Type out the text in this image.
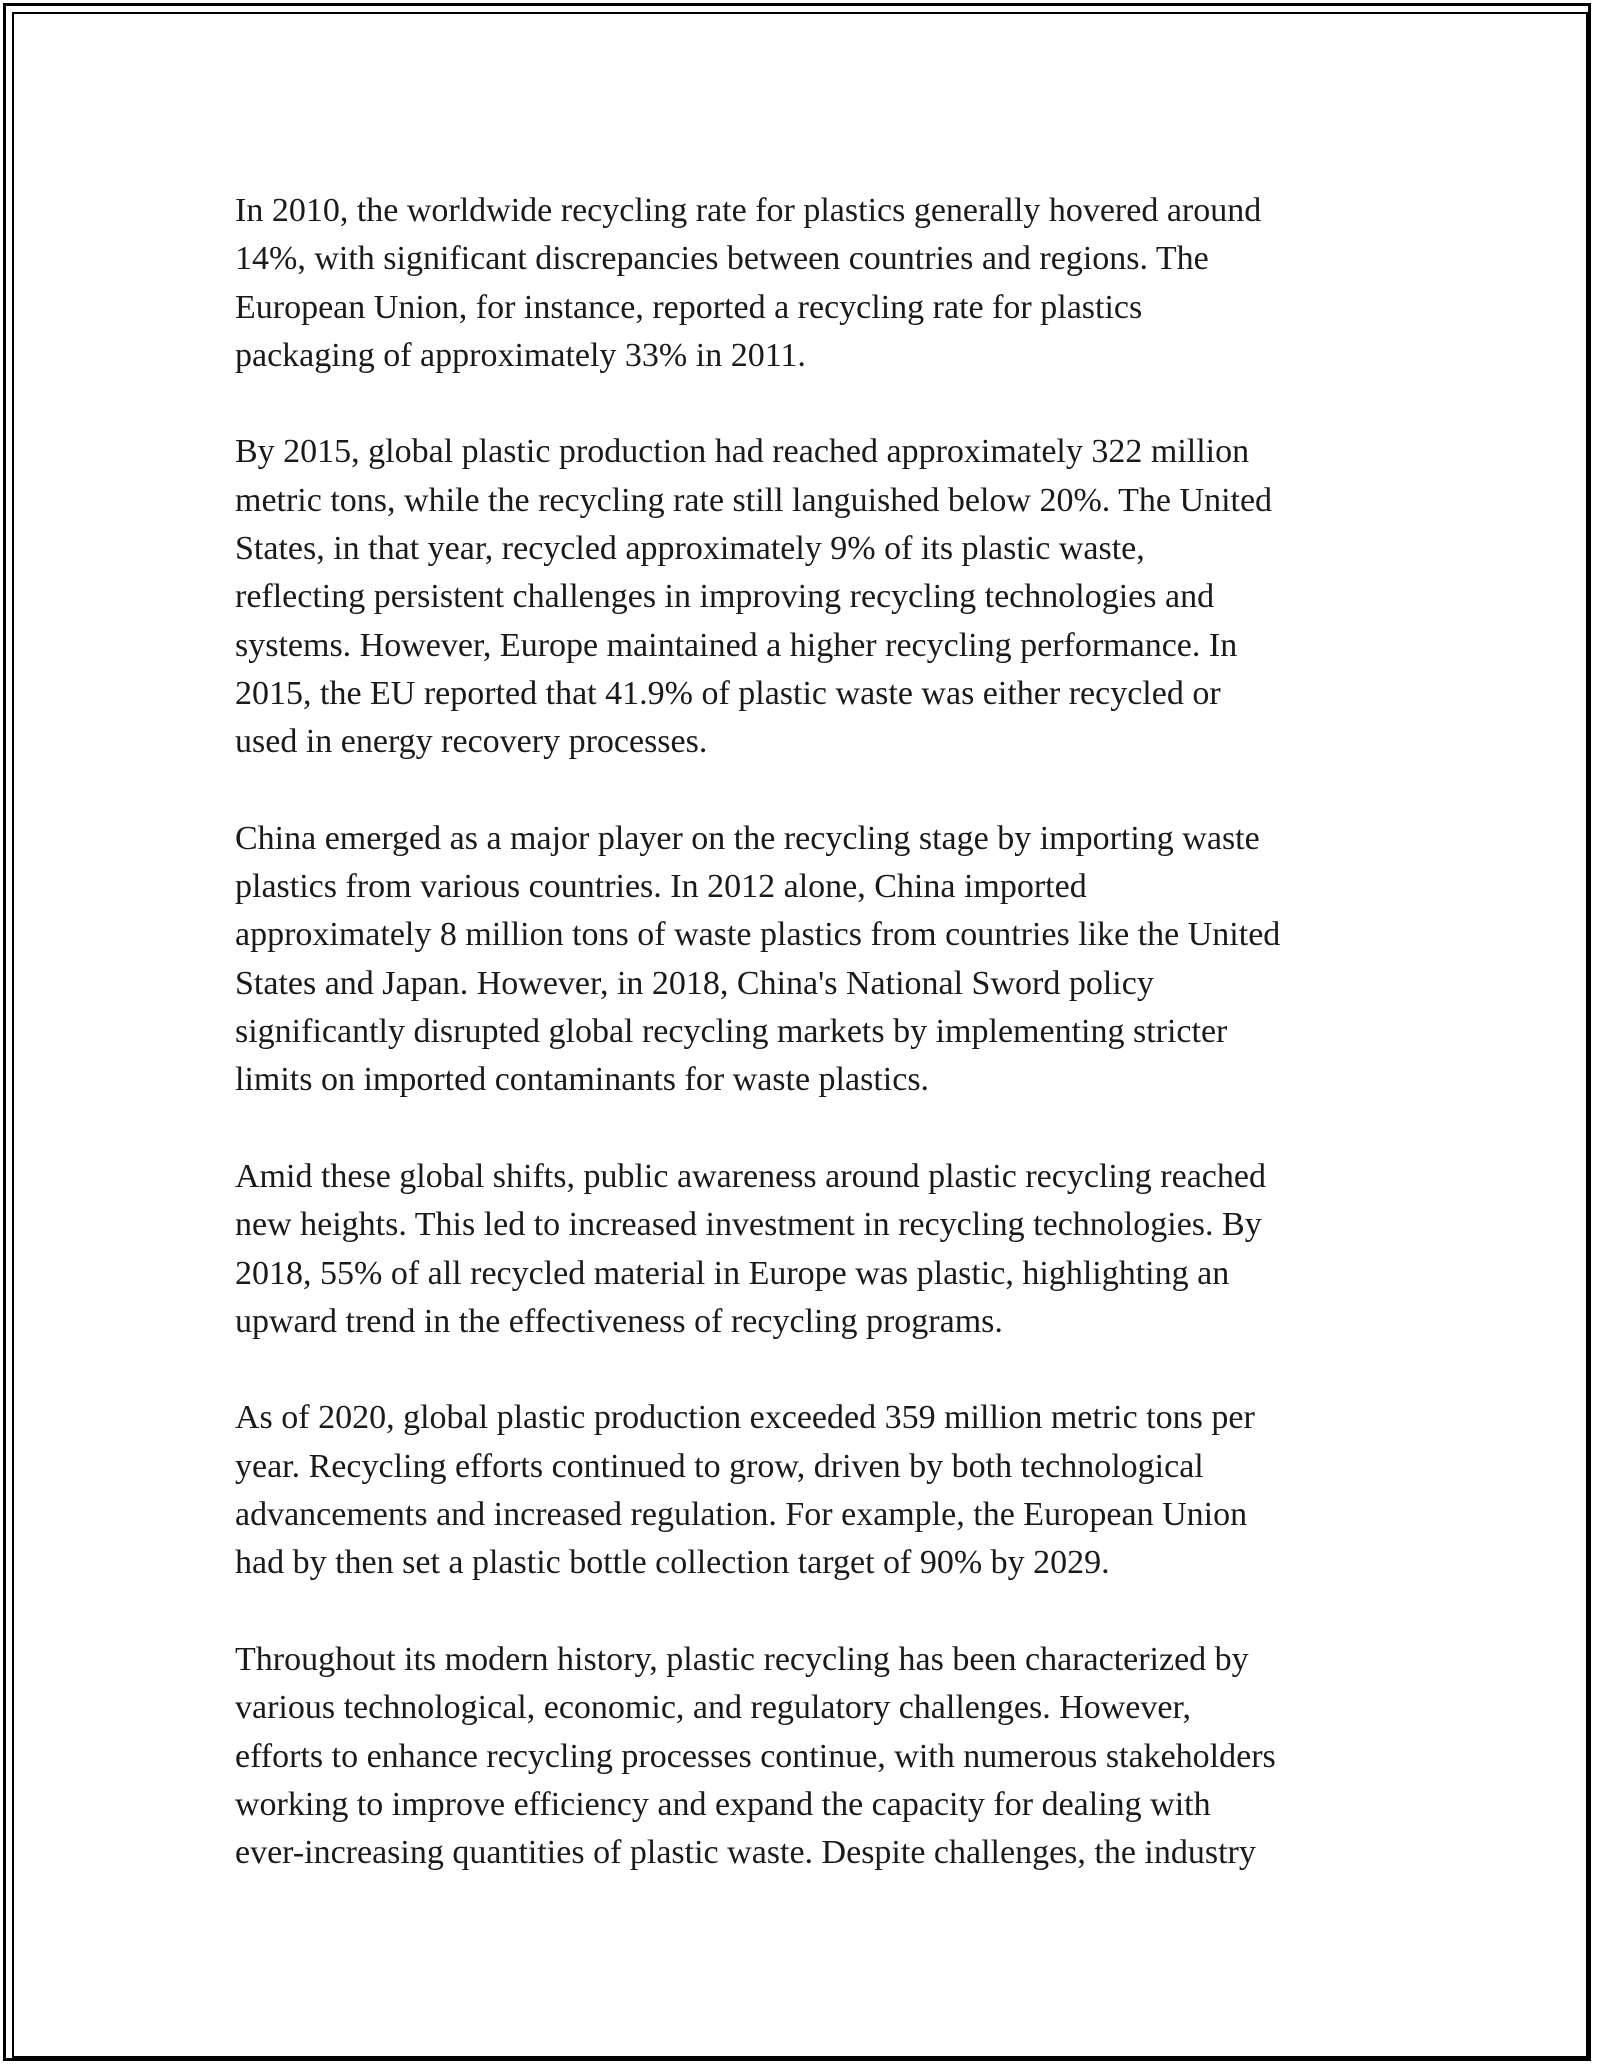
In 2010, the worldwide recycling rate for plastics generally hovered around
14%, with significant discrepancies between countries and regions. The
European Union, for instance, reported a recycling rate for plastics
packaging of approximately 33% in 2011.

By 2015, global plastic production had reached approximately 322 million
metric tons, while the recycling rate still languished below 20%. The United
States, in that year, recycled approximately 9% of its plastic waste,
reflecting persistent challenges in improving recycling technologies and
systems. However, Europe maintained a higher recycling performance. In
2015, the EU reported that 41.9% of plastic waste was either recycled or
used in energy recovery processes.

China emerged as a major player on the recycling stage by importing waste
plastics from various countries. In 2012 alone, China imported
approximately 8 million tons of waste plastics from countries like the United
States and Japan. However, in 2018, China's National Sword policy
significantly disrupted global recycling markets by implementing stricter
limits on imported contaminants for waste plastics.

Amid these global shifts, public awareness around plastic recycling reached
new heights. This led to increased investment in recycling technologies. By
2018, 55% of all recycled material in Europe was plastic, highlighting an
upward trend in the effectiveness of recycling programs.

As of 2020, global plastic production exceeded 359 million metric tons per
year. Recycling efforts continued to grow, driven by both technological
advancements and increased regulation. For example, the European Union
had by then set a plastic bottle collection target of 90% by 2029.

Throughout its modern history, plastic recycling has been characterized by
various technological, economic, and regulatory challenges. However,
efforts to enhance recycling processes continue, with numerous stakeholders
working to improve efficiency and expand the capacity for dealing with
ever-increasing quantities of plastic waste. Despite challenges, the industry
